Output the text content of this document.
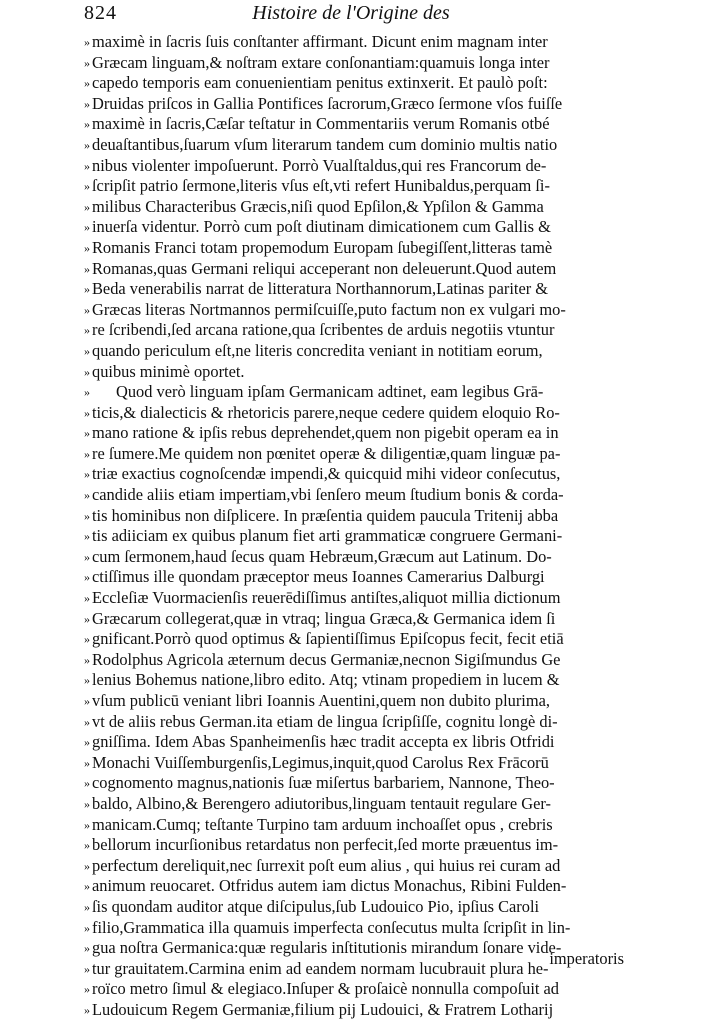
824	Histoire de l'Origine des
» maximè in ſacris ſuis conſtanter affirmant. Dicunt enim magnam inter
» Græcam linguam,& noſtram extare conſonantiam:quamuis longa inter
» capedo temporis eam conuenientiam penitus extinxerit. Et paulò poſt:
» Druidas priſcos in Gallia Pontifices ſacrorum,Græco ſermone vſos fuiſſe
» maximè in ſacris,Cæſar teſtatur in Commentariis verum Romanis otbé
» deuaſtantibus,ſuarum vſum literarum tandem cum dominio multis natio
» nibus violenter impoſuerunt. Porrò Vualſtaldus,qui res Francorum de-
» ſcripſit patrio ſermone,literis vſus eſt,vti refert Hunibaldus,perquam ſi-
» milibus Characteribus Græcis,niſi quod Epſilon,& Ypſilon & Gamma
» inuerſa videntur. Porrò cum poſt diutinam dimicationem cum Gallis &
» Romanis Franci totam propemodum Europam ſubegiſſent,litteras tamè
» Romanas,quas Germani reliqui acceperant non deleuerunt.Quod autem
» Beda venerabilis narrat de litteratura Northannorum,Latinas pariter &
» Græcas literas Nortmannos permiſcuiſſe,puto factum non ex vulgari mo-
» re ſcribendi,ſed arcana ratione,qua ſcribentes de arduis negotiis vtuntur
» quando periculum eſt,ne literis concredita veniant in notitiam eorum,
» quibus minimè oportet.
» Quod verò linguam ipſam Germanicam adtinet, eam legibus Grā-
» ticis,& dialecticis & rhetoricis parere,neque cedere quidem eloquio Ro-
» mano ratione & ipſis rebus deprehendet,quem non pigebit operam ea in
» re ſumere.Me quidem non pœnitet operæ & diligentiæ,quam linguæ pa-
» triæ exactius cognoſcendæ impendi,& quicquid mihi videor conſecutus,
» candide aliis etiam impertiam,vbi ſenſero meum ſtudium bonis & corda-
» tis hominibus non diſplicere. In præſentia quidem paucula Tritenij abba
» tis adiiciam ex quibus planum fiet arti grammaticæ congruere Germani-
» cum ſermonem,haud ſecus quam Hebræum,Græcum aut Latinum. Do-
» ctiſſimus ille quondam præceptor meus Ioannes Camerarius Dalburgi
» Eccleſiæ Vuormacienſis reuerēdiſſimus antiſtes,aliquot millia dictionum
» Græcarum collegerat,quæ in vtraq; lingua Græca,& Germanica idem ſi
» gnificant.Porrò quod optimus & ſapientiſſimus Epiſcopus fecit, fecit etiā
» Rodolphus Agricola æternum decus Germaniæ,necnon Sigiſmundus Ge
» lenius Bohemus natione,libro edito. Atq; vtinam propediem in lucem &
» vſum publicū veniant libri Ioannis Auentini,quem non dubito plurima,
» vt de aliis rebus German.ita etiam de lingua ſcripſiſſe, cognitu longè di-
» gniſſima. Idem Abas Spanheimenſis hæc tradit accepta ex libris Otfridi
» Monachi Vuiſſemburgenſis,Legimus,inquit,quod Carolus Rex Frācorū
» cognomento magnus,nationis ſuæ miſertus barbariem, Nannone, Theo-
» baldo, Albino,& Berengero adiutoribus,linguam tentauit regulare Ger-
» manicam.Cumq; teſtante Turpino tam arduum inchoaſſet opus , crebris
» bellorum incurſionibus retardatus non perfecit,ſed morte præuentus im-
» perfectum dereliquit,nec ſurrexit poſt eum alius , qui huius rei curam ad
» animum reuocaret. Otfridus autem iam dictus Monachus, Ribini Fulden-
» ſis quondam auditor atque diſcipulus,ſub Ludouico Pio, ipſius Caroli
» filio,Grammatica illa quamuis imperfecta conſecutus multa ſcripſit in lin-
» gua noſtra Germanica:quæ regularis inſtitutionis mirandum ſonare vide-
» tur grauitatem.Carmina enim ad eandem normam lucubrauit plura he-
» roïco metro ſimul & elegiaco.Inſuper & proſaicè nonnulla compoſuit ad
» Ludouicum Regem Germaniæ,filium pij Ludouici, & Fratrem Lotharij
imperatoris
